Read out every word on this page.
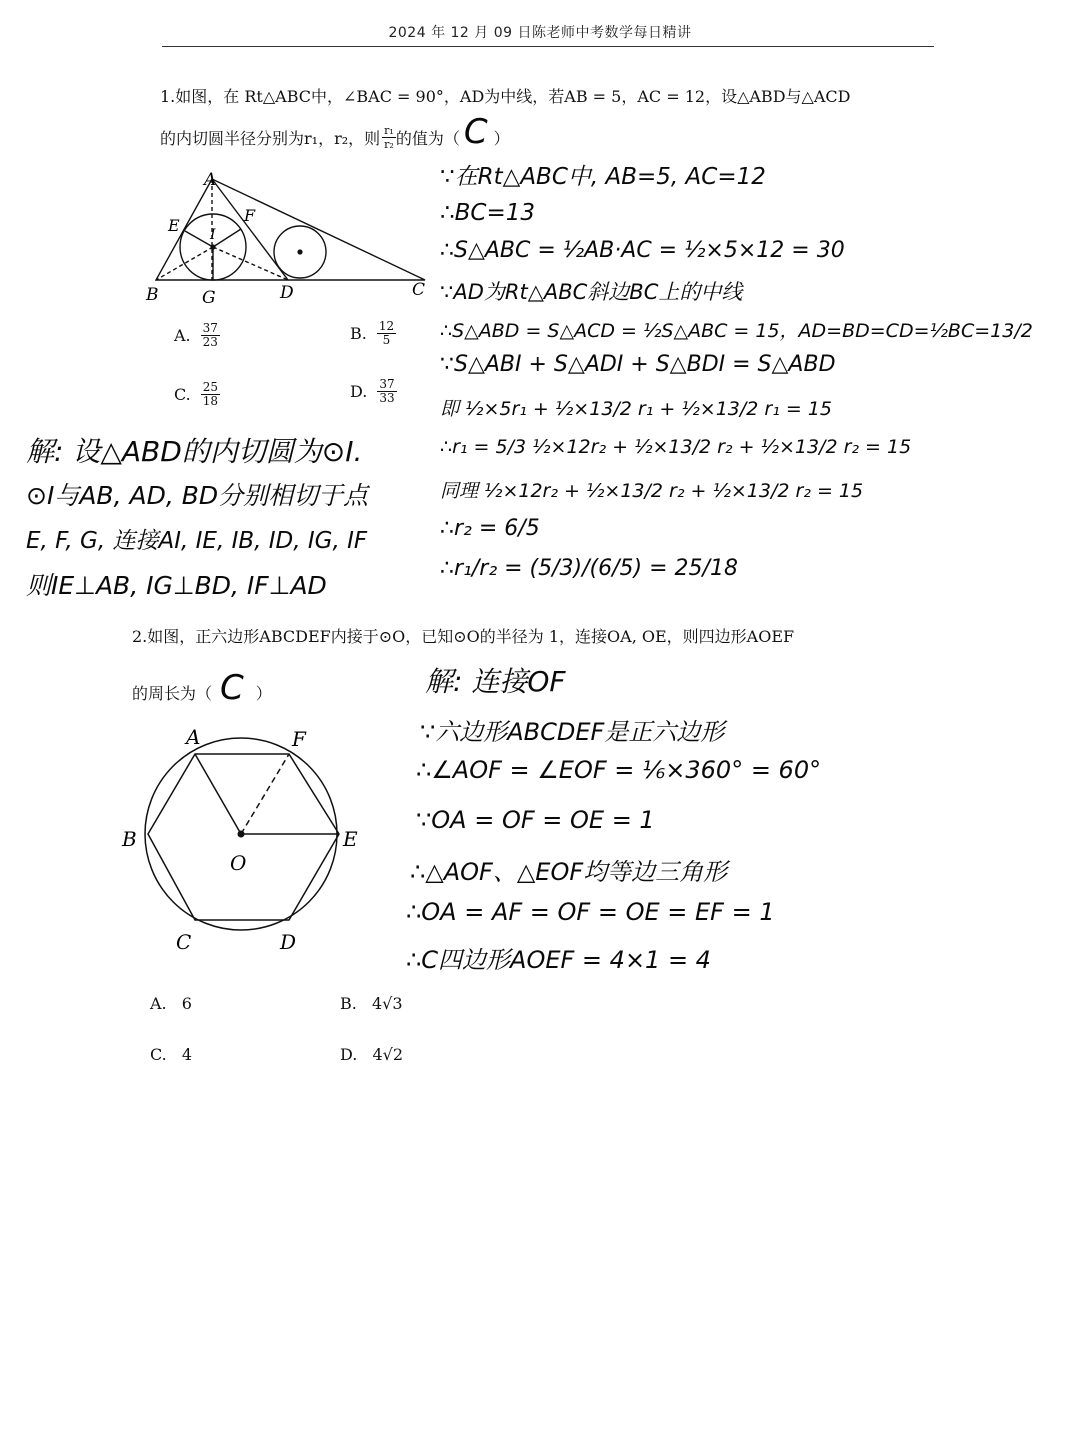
2024 年 12 月 09 日陈老师中考数学每日精讲
1.如图，在 Rt△ABC中，∠BAC = 90°，AD为中线，若AB = 5，AC = 12，设△ABD与△ACD
的内切圆半径分别为r₁，r₂，则 $\frac{\text{r₁}}{\text{r₂}}$ 的值为（ C ）
A
B	C
D
E
F
G
I
A. $\frac{37}{23}$	B. $\frac{12}{5}$
C. $\frac{25}{18}$	D. $\frac{37}{33}$
∵在Rt△ABC中, AB=5, AC=12
∴BC=13
∴S△ABC = ½AB·AC = ½×5×12 = 30
∵AD为Rt△ABC斜边BC上的中线
∴S△ABD = S△ACD = ½S△ABC = 15，AD=BD=CD=½BC=13/2
∵S△ABI + S△ADI + S△BDI = S△ABD
即 ½×5r₁ + ½×13/2 r₁ + ½×13/2 r₁ = 15
∴r₁ = 5/3 ½×12r₂ + ½×13/2 r₂ + ½×13/2 r₂ = 15
同理 ½×12r₂ + ½×13/2 r₂ + ½×13/2 r₂ = 15
∴r₂ = 6/5
∴r₁/r₂ = (5/3)/(6/5) = 25/18
解: 设△ABD的内切圆为⊙I.
⊙I与AB, AD, BD分别相切于点
E, F, G, 连接AI, IE, IB, ID, IG, IF
则IE⊥AB, IG⊥BD, IF⊥AD
2.如图，正六边形ABCDEF内接于⊙O，已知⊙O的半径为 1，连接OA, OE，则四边形AOEF
的周长为（ C ）
A	F
B	E
C	D
O
解: 连接OF
∵六边形ABCDEF是正六边形
∴∠AOF = ∠EOF = ⅙×360° = 60°
∵OA = OF = OE = 1
∴△AOF、△EOF均等边三角形
∴OA = AF = OF = OE = EF = 1
∴C四边形AOEF = 4×1 = 4
A. 6	B. 4√3
C. 4	D. 4√2
